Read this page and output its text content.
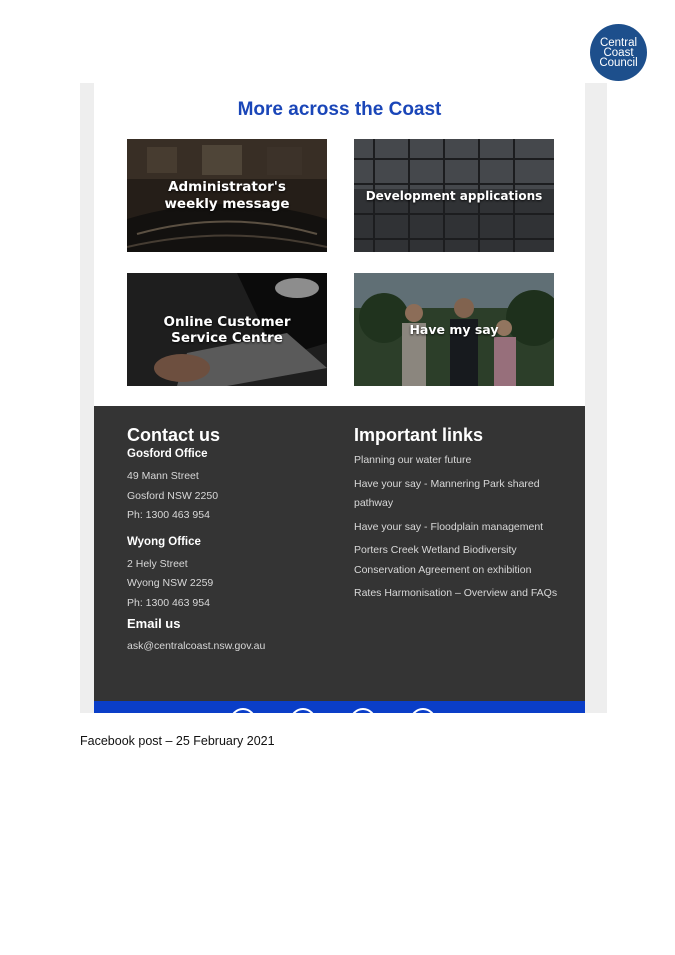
Central
Coast
Council
More across the Coast
Administrator's
weekly message	Development applications
Online Customer
Service Centre	Have my say
Contact us
Gosford Office
49 Mann Street
Gosford NSW 2250
Ph: 1300 463 954
Wyong Office
2 Hely Street
Wyong NSW 2259
Ph: 1300 463 954
Email us
ask@centralcoast.nsw.gov.au
Important links
Planning our water future
Have your say - Mannering Park shared pathway
Have your say - Floodplain management
Porters Creek Wetland Biodiversity Conservation Agreement on exhibition
Rates Harmonisation – Overview and FAQs
Facebook post – 25 February 2021
